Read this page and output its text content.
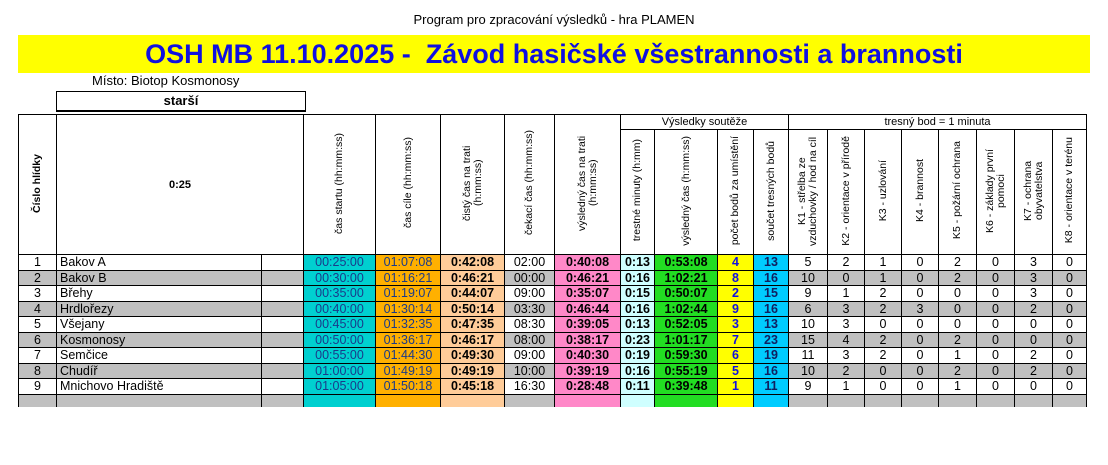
Program pro zpracování výsledků - hra PLAMEN
OSH MB 11.10.2025 -  Závod hasičské všestrannosti a brannosti
Místo: Biotop Kosmonosy
starší
Číslo hlídky	0:25		čas startu (hh:mm:ss)	čas cíle (hh:mm:ss)	čistý čas na trati (h:mm:ss)	čekací čas (hh:mm:ss)	výsledný čas na trati (h:mm:ss)	Výsledky soutěže				tresný bod = 1 minuta							
								trestné minuty (h:mm)	výsledný čas (h:mm:ss)	počet bodů za umístění	součet tresných bodů	K1 - střelba ze vzduchovky / hod na cíl	K2 - orientace v přírodě	K3 - uzlování	K4 - brannost	K5 - požární ochrana	K6 - základy první pomoci	K7 - ochrana obyvatelstva	K8 - orientace v terénu
1	Bakov A		00:25:00	01:07:08	0:42:08	02:00	0:40:08	0:13	0:53:08	4	13	5	2	1	0	2	0	3	0
2	Bakov B		00:30:00	01:16:21	0:46:21	00:00	0:46:21	0:16	1:02:21	8	16	10	0	1	0	2	0	3	0
3	Břehy		00:35:00	01:19:07	0:44:07	09:00	0:35:07	0:15	0:50:07	2	15	9	1	2	0	0	0	3	0
4	Hrdlořezy		00:40:00	01:30:14	0:50:14	03:30	0:46:44	0:16	1:02:44	9	16	6	3	2	3	0	0	2	0
5	Všejany		00:45:00	01:32:35	0:47:35	08:30	0:39:05	0:13	0:52:05	3	13	10	3	0	0	0	0	0	0
6	Kosmonosy		00:50:00	01:36:17	0:46:17	08:00	0:38:17	0:23	1:01:17	7	23	15	4	2	0	2	0	0	0
7	Semčice		00:55:00	01:44:30	0:49:30	09:00	0:40:30	0:19	0:59:30	6	19	11	3	2	0	1	0	2	0
8	Chudíř		01:00:00	01:49:19	0:49:19	10:00	0:39:19	0:16	0:55:19	5	16	10	2	0	0	2	0	2	0
9	Mnichovo Hradiště		01:05:00	01:50:18	0:45:18	16:30	0:28:48	0:11	0:39:48	1	11	9	1	0	0	1	0	0	0
